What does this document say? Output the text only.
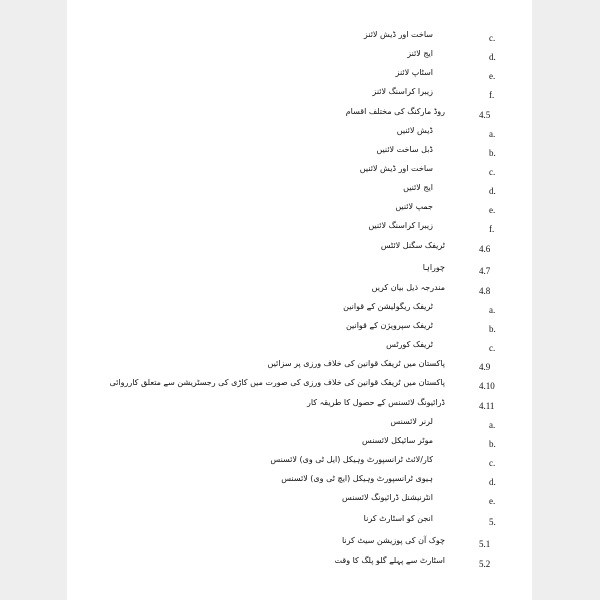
c.
ساخت اور ڈیش لائنز
d.
ایج لائنز
e.
اسٹاپ لائنز
f.
زیبرا کراسنگ لائنز
4.5
روڈ مارکنگ کی مختلف اقسام
a.
ڈیش لائنیں
b.
ڈبل ساخت لائنیں
c.
ساخت اور ڈیش لائنیں
d.
ایج لائنیں
e.
جمپ لائنیں
f.
زیبرا کراسنگ لائنیں
4.6
ٹریفک سگنل لائٹس
4.7
چوراہا
4.8
مندرجہ ذیل بیان کریں
a.
ٹریفک ریگولیشن کے قوانین
b.
ٹریفک سپرویژن کے قوانین
c.
ٹریفک کورٹس
4.9
پاکستان میں ٹریفک قوانین کی خلاف ورزی پر سزائیں
4.10
پاکستان میں ٹریفک قوانین کی خلاف ورزی کی صورت میں کاڑی کی رجسٹریشن سے متعلق کارروائی
4.11
ڈرائیونگ لائسنس کے حصول کا طریقہ کار
a.
لرنر لائسنس
b.
موٹر سائیکل لائسنس
c.
کار/لائٹ ٹرانسپورٹ وہیکل (ایل ٹی وی) لائسنس
d.
ہیوی ٹرانسپورٹ وہیکل (ایچ ٹی وی) لائسنس
e.
انٹرنیشنل ڈرائیونگ لائسنس
5.
انجن کو اسٹارٹ کرنا
5.1
چوک آن کی پوزیشن سیٹ کرنا
5.2
اسٹارٹ سے پہلے گلو پلگ کا وقت
